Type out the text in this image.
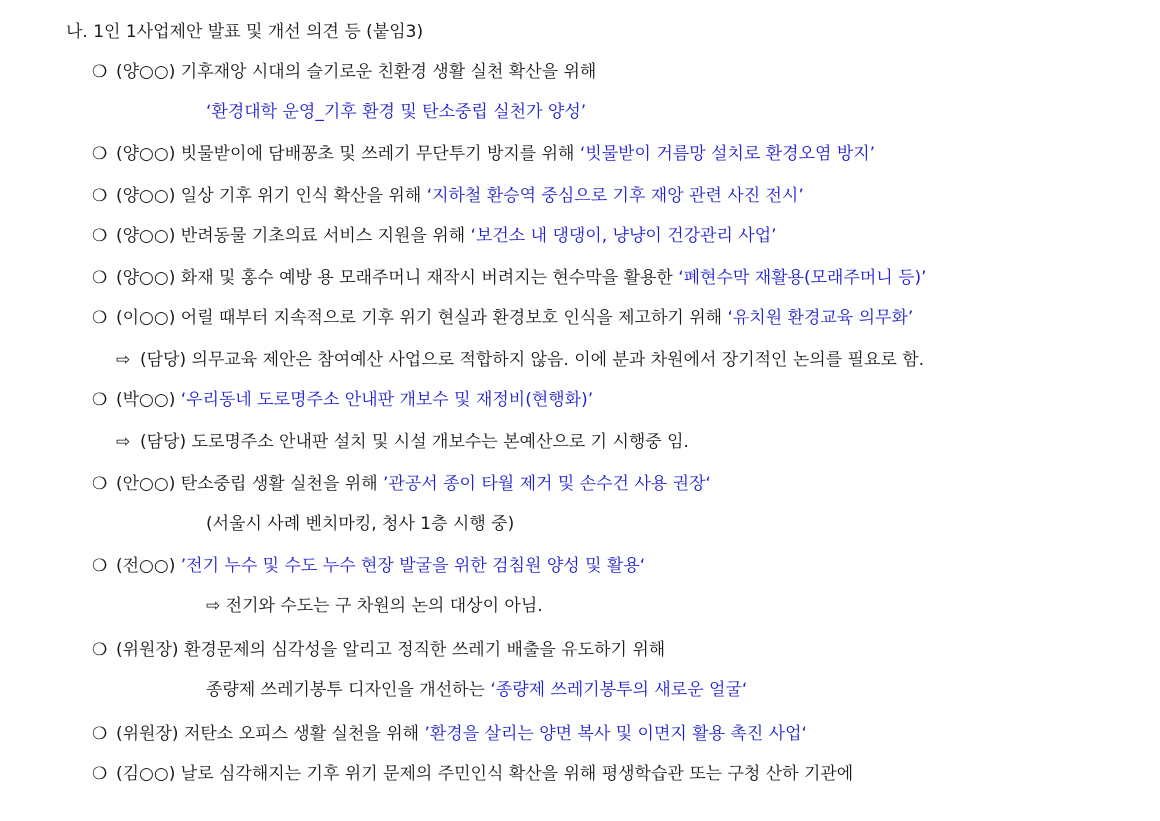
나. 1인 1사업제안 발표 및 개선 의견 등 (붙임3)
❍ (양○○) 기후재앙 시대의 슬기로운 친환경 생활 실천 확산을 위해
‘환경대학 운영_기후 환경 및 탄소중립 실천가 양성’
❍ (양○○) 빗물받이에 담배꽁초 및 쓰레기 무단투기 방지를 위해 ‘빗물받이 거름망 설치로 환경오염 방지’
❍ (양○○) 일상 기후 위기 인식 확산을 위해 ‘지하철 환승역 중심으로 기후 재앙 관련 사진 전시’
❍ (양○○) 반려동물 기초의료 서비스 지원을 위해 ‘보건소 내 댕댕이, 냥냥이 건강관리 사업’
❍ (양○○) 화재 및 홍수 예방 용 모래주머니 재작시 버려지는 현수막을 활용한 ‘폐현수막 재활용(모래주머니 등)’
❍ (이○○) 어릴 때부터 지속적으로 기후 위기 현실과 환경보호 인식을 제고하기 위해 ‘유치원 환경교육 의무화’
⇨ (담당) 의무교육 제안은 참여예산 사업으로 적합하지 않음. 이에 분과 차원에서 장기적인 논의를 필요로 함.
❍ (박○○) ‘우리동네 도로명주소 안내판 개보수 및 재정비(현행화)’
⇨ (담당) 도로명주소 안내판 설치 및 시설 개보수는 본예산으로 기 시행중 임.
❍ (안○○) 탄소중립 생활 실천을 위해 ’관공서 종이 타월 제거 및 손수건 사용 권장‘
(서울시 사례 벤치마킹, 청사 1층 시행 중)
❍ (전○○) ’전기 누수 및 수도 누수 현장 발굴을 위한 검침원 양성 및 활용‘
⇨ 전기와 수도는 구 차원의 논의 대상이 아님.
❍ (위원장) 환경문제의 심각성을 알리고 정직한 쓰레기 배출을 유도하기 위해
종량제 쓰레기봉투 디자인을 개선하는 ‘종량제 쓰레기봉투의 새로운 얼굴‘
❍ (위원장) 저탄소 오피스 생활 실천을 위해 ’환경을 살리는 양면 복사 및 이면지 활용 촉진 사업‘
❍ (김○○) 날로 심각해지는 기후 위기 문제의 주민인식 확산을 위해 평생학습관 또는 구청 산하 기관에
